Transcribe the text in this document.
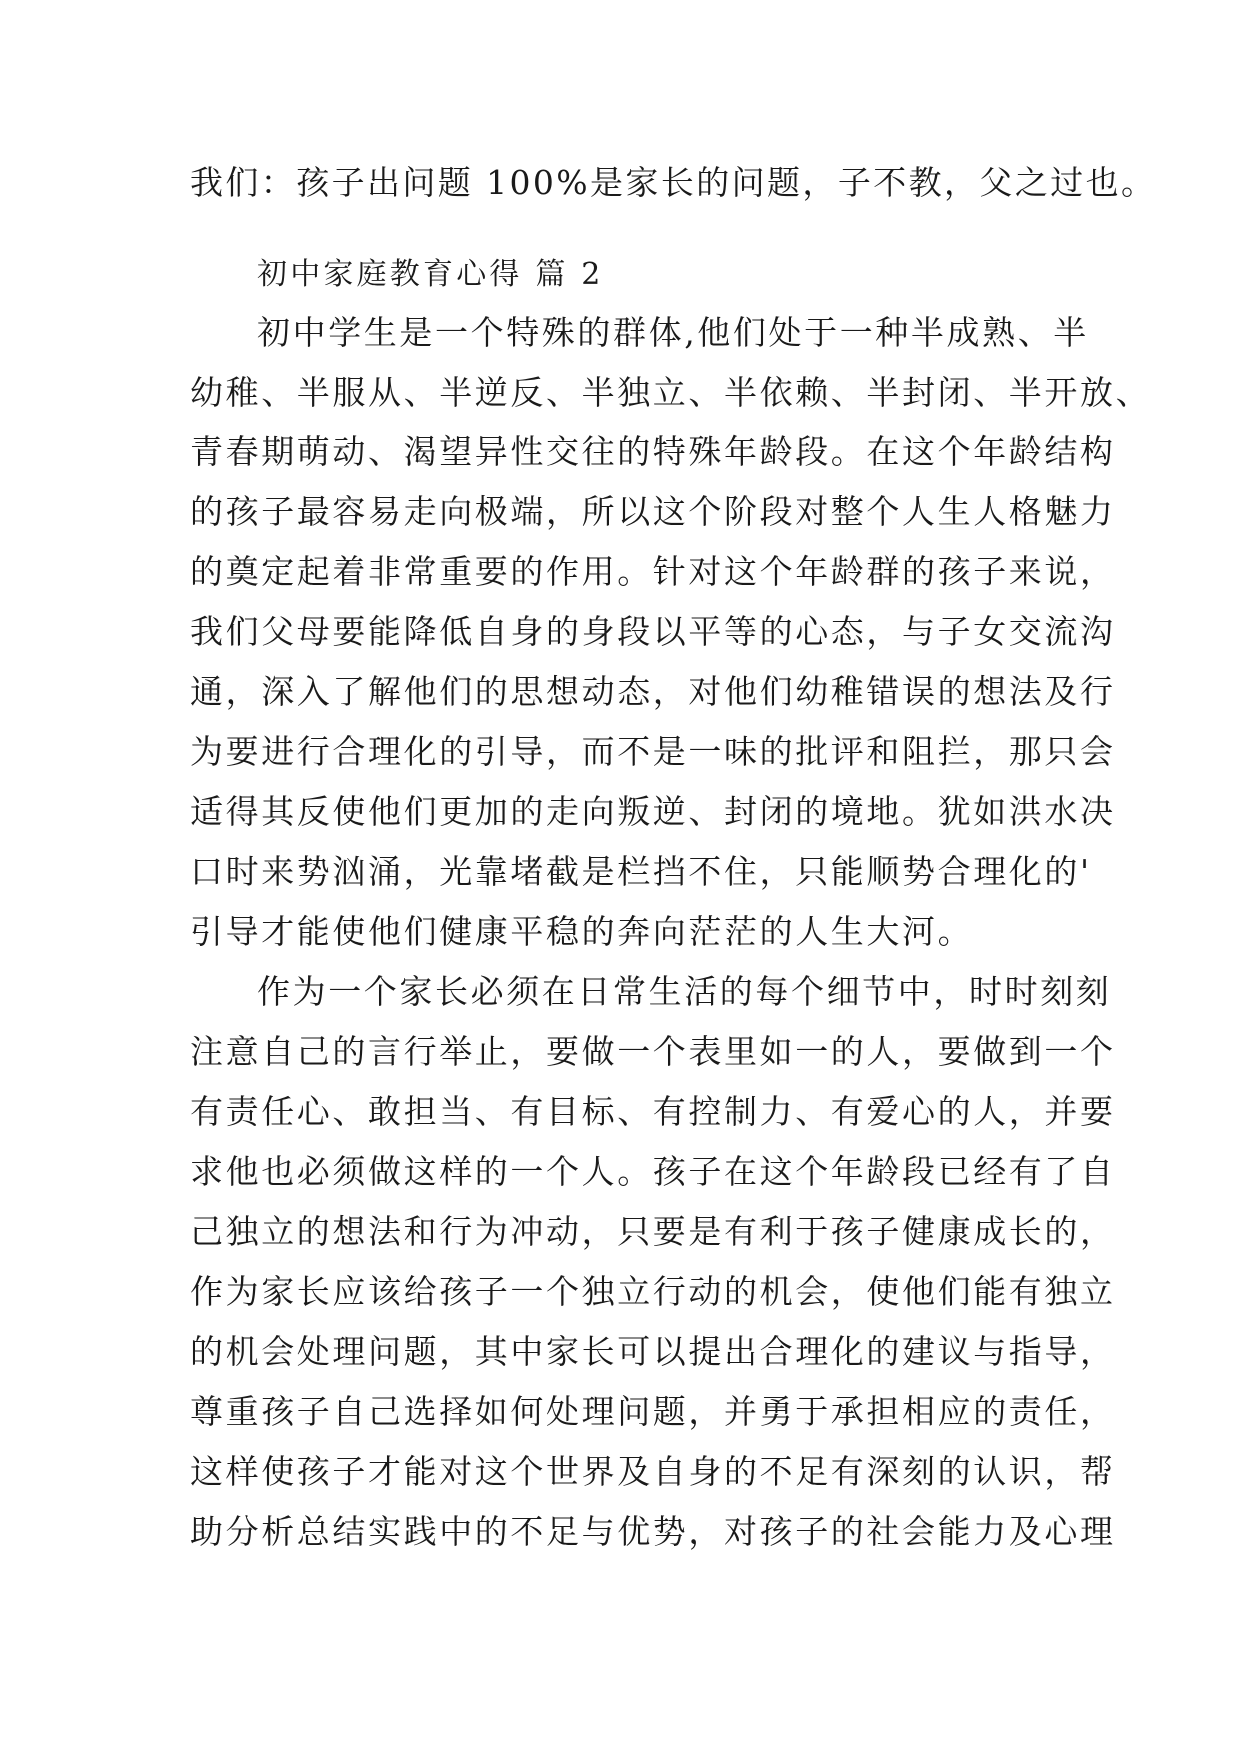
我们：孩子出问题 100%是家长的问题，子不教，父之过也。
初中家庭教育心得 篇 2
初中学生是一个特殊的群体,他们处于一种半成熟、半
幼稚、半服从、半逆反、半独立、半依赖、半封闭、半开放、
青春期萌动、渴望异性交往的特殊年龄段。在这个年龄结构
的孩子最容易走向极端，所以这个阶段对整个人生人格魅力
的奠定起着非常重要的作用。针对这个年龄群的孩子来说，
我们父母要能降低自身的身段以平等的心态，与子女交流沟
通，深入了解他们的思想动态，对他们幼稚错误的想法及行
为要进行合理化的引导，而不是一味的批评和阻拦，那只会
适得其反使他们更加的走向叛逆、封闭的境地。犹如洪水决
口时来势汹涌，光靠堵截是栏挡不住，只能顺势合理化的'
引导才能使他们健康平稳的奔向茫茫的人生大河。
作为一个家长必须在日常生活的每个细节中，时时刻刻
注意自己的言行举止，要做一个表里如一的人，要做到一个
有责任心、敢担当、有目标、有控制力、有爱心的人，并要
求他也必须做这样的一个人。孩子在这个年龄段已经有了自
己独立的想法和行为冲动，只要是有利于孩子健康成长的，
作为家长应该给孩子一个独立行动的机会，使他们能有独立
的机会处理问题，其中家长可以提出合理化的建议与指导，
尊重孩子自己选择如何处理问题，并勇于承担相应的责任，
这样使孩子才能对这个世界及自身的不足有深刻的认识，帮
助分析总结实践中的不足与优势，对孩子的社会能力及心理
